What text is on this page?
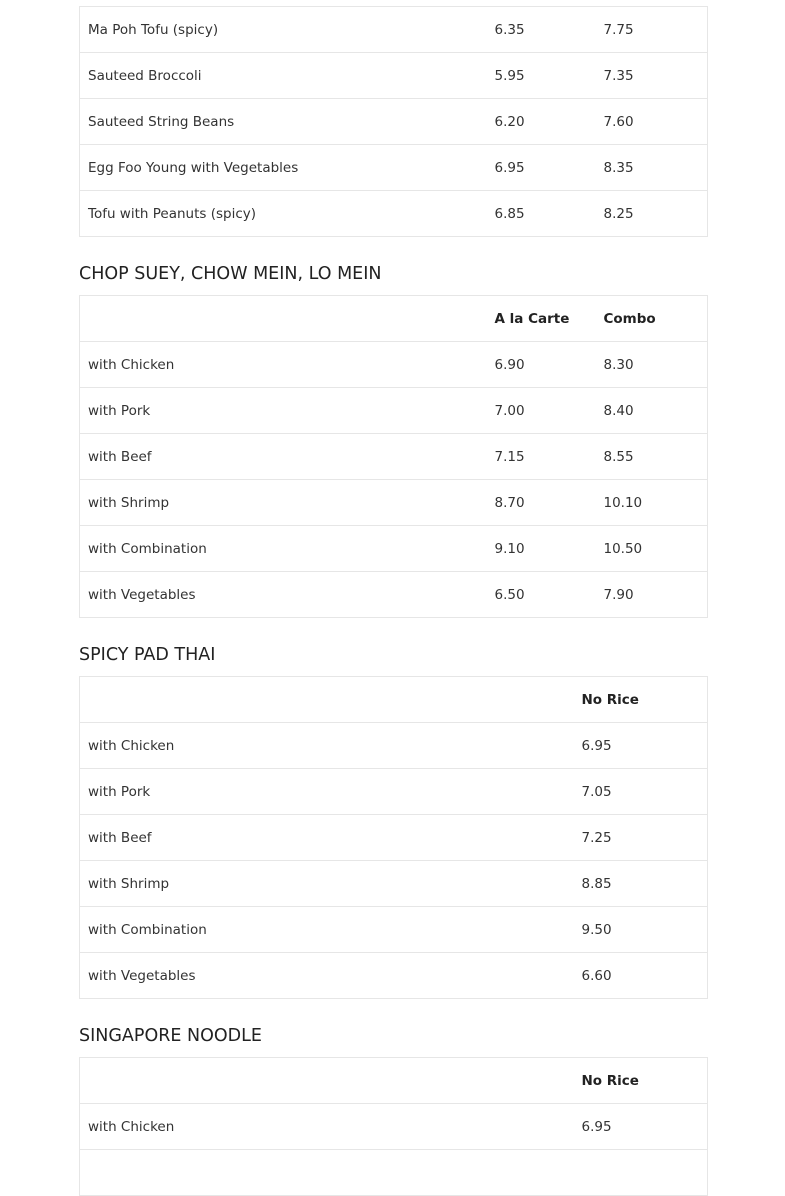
Ma Poh Tofu (spicy)	6.35	7.75
Sauteed Broccoli	5.95	7.35
Sauteed String Beans	6.20	7.60
Egg Foo Young with Vegetables	6.95	8.35
Tofu with Peanuts (spicy)	6.85	8.25
CHOP SUEY, CHOW MEIN, LO MEIN
	A la Carte	Combo
with Chicken	6.90	8.30
with Pork	7.00	8.40
with Beef	7.15	8.55
with Shrimp	8.70	10.10
with Combination	9.10	10.50
with Vegetables	6.50	7.90
SPICY PAD THAI
	No Rice
with Chicken	6.95
with Pork	7.05
with Beef	7.25
with Shrimp	8.85
with Combination	9.50
with Vegetables	6.60
SINGAPORE NOODLE
	No Rice
with Chicken	6.95
